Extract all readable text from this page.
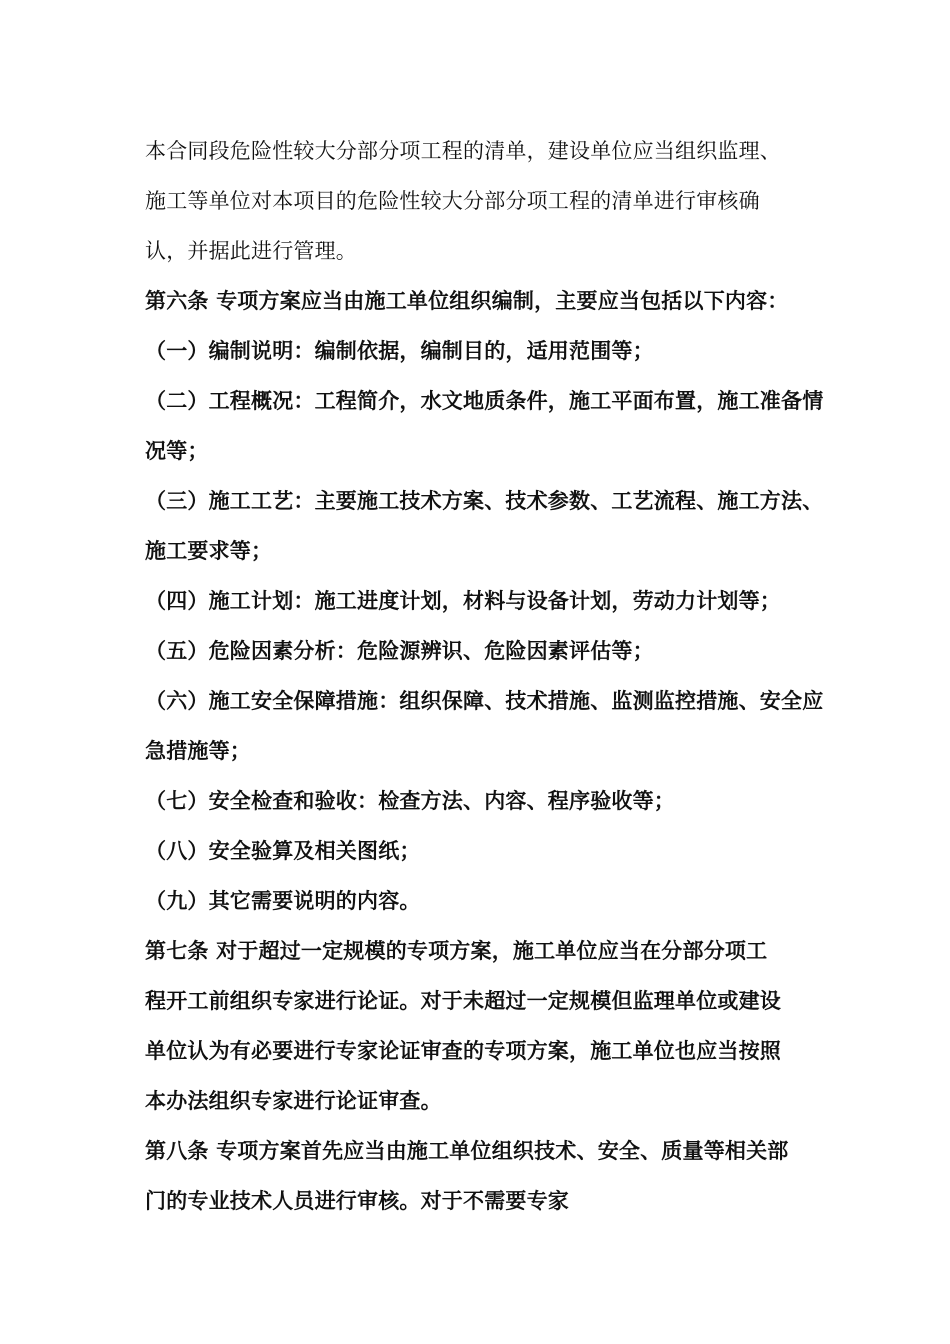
本合同段危险性较大分部分项工程的清单，建设单位应当组织监理、
施工等单位对本项目的危险性较大分部分项工程的清单进行审核确
认，并据此进行管理。
第六条 专项方案应当由施工单位组织编制，主要应当包括以下内容：
（一）编制说明：编制依据，编制目的，适用范围等；
（二）工程概况：工程简介，水文地质条件，施工平面布置，施工准备情
况等；
（三）施工工艺：主要施工技术方案、技术参数、工艺流程、施工方法、
施工要求等；
（四）施工计划：施工进度计划，材料与设备计划，劳动力计划等；
（五）危险因素分析：危险源辨识、危险因素评估等；
（六）施工安全保障措施：组织保障、技术措施、监测监控措施、安全应
急措施等；
（七）安全检查和验收：检查方法、内容、程序验收等；
（八）安全验算及相关图纸；
（九）其它需要说明的内容。
第七条 对于超过一定规模的专项方案，施工单位应当在分部分项工
程开工前组织专家进行论证。对于未超过一定规模但监理单位或建设
单位认为有必要进行专家论证审查的专项方案，施工单位也应当按照
本办法组织专家进行论证审查。
第八条 专项方案首先应当由施工单位组织技术、安全、质量等相关部
门的专业技术人员进行审核。对于不需要专家
